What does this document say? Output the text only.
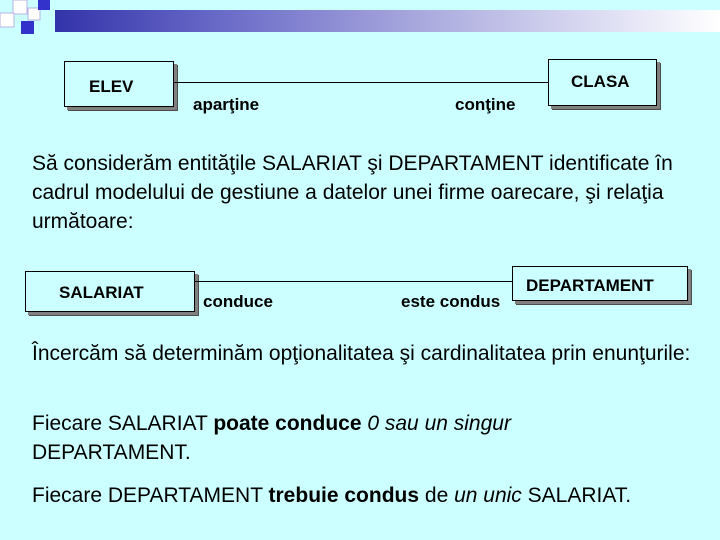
ELEV	CLASA
aparţine	conţine
Să considerăm entităţile SALARIAT şi DEPARTAMENT identificate în cadrul modelului de gestiune a datelor unei firme oarecare, şi relaţia următoare:
SALARIAT	DEPARTAMENT
conduce	este condus
Încercăm să determinăm opţionalitatea şi cardinalitatea prin enunţurile:
Fiecare SALARIAT poate conduce 0 sau un singur DEPARTAMENT.
Fiecare DEPARTAMENT trebuie condus de un unic SALARIAT.
